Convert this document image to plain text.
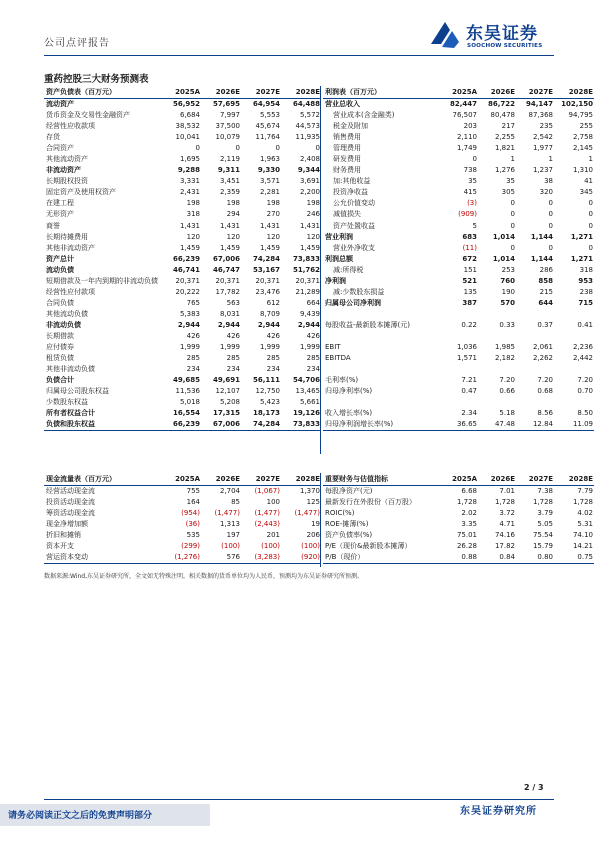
公司点评报告	东吴证券
SOOCHOW SECURITIES
重药控股三大财务预测表
资产负债表（百万元）	2025A	2026E	2027E	2028E
流动资产	56,952	57,695	64,954	64,488
货币资金及交易性金融资产	6,684	7,997	5,553	5,572
经营性应收款项	38,532	37,500	45,674	44,573
存货	10,041	10,079	11,764	11,935
合同资产	0	0	0	0
其他流动资产	1,695	2,119	1,963	2,408
非流动资产	9,288	9,311	9,330	9,344
长期股权投资	3,331	3,451	3,571	3,691
固定资产及使用权资产	2,431	2,359	2,281	2,200
在建工程	198	198	198	198
无形资产	318	294	270	246
商誉	1,431	1,431	1,431	1,431
长期待摊费用	120	120	120	120
其他非流动资产	1,459	1,459	1,459	1,459
资产总计	66,239	67,006	74,284	73,833
流动负债	46,741	46,747	53,167	51,762
短期借款及一年内到期的非流动负债	20,371	20,371	20,371	20,371
经营性应付款项	20,222	17,782	23,476	21,289
合同负债	765	563	612	664
其他流动负债	5,383	8,031	8,709	9,439
非流动负债	2,944	2,944	2,944	2,944
长期借款	426	426	426	426
应付债券	1,999	1,999	1,999	1,999
租赁负债	285	285	285	285
其他非流动负债	234	234	234	234
负债合计	49,685	49,691	56,111	54,706
归属母公司股东权益	11,536	12,107	12,750	13,465
少数股东权益	5,018	5,208	5,423	5,661
所有者权益合计	16,554	17,315	18,173	19,126
负债和股东权益	66,239	67,006	74,284	73,833
利润表（百万元）	2025A	2026E	2027E	2028E
营业总收入	82,447	86,722	94,147	102,150
营业成本(含金融类)	76,507	80,478	87,368	94,795
税金及附加	203	217	235	255
销售费用	2,110	2,255	2,542	2,758
管理费用	1,749	1,821	1,977	2,145
研发费用	0	1	1	1
财务费用	738	1,276	1,237	1,310
加:其他收益	35	35	38	41
投资净收益	415	305	320	345
公允价值变动	(3)	0	0	0
减值损失	(909)	0	0	0
资产处置收益	5	0	0	0
营业利润	683	1,014	1,144	1,271
营业外净收支	(11)	0	0	0
利润总额	672	1,014	1,144	1,271
减:所得税	151	253	286	318
净利润	521	760	858	953
减:少数股东损益	135	190	215	238
归属母公司净利润	387	570	644	715

每股收益-最新股本摊薄(元)	0.22	0.33	0.37	0.41

EBIT	1,036	1,985	2,061	2,236
EBITDA	1,571	2,182	2,262	2,442

毛利率(%)	7.21	7.20	7.20	7.20
归母净利率(%)	0.47	0.66	0.68	0.70

收入增长率(%)	2.34	5.18	8.56	8.50
归母净利润增长率(%)	36.65	47.48	12.84	11.09
现金流量表（百万元）	2025A	2026E	2027E	2028E
经营活动现金流	755	2,704	(1,067)	1,370
投资活动现金流	164	85	100	125
筹资活动现金流	(954)	(1,477)	(1,477)	(1,477)
现金净增加额	(36)	1,313	(2,443)	19
折旧和摊销	535	197	201	206
资本开支	(299)	(100)	(100)	(100)
营运资本变动	(1,276)	576	(3,283)	(920)
重要财务与估值指标	2025A	2026E	2027E	2028E
每股净资产(元)	6.68	7.01	7.38	7.79
最新发行在外股份（百万股）	1,728	1,728	1,728	1,728
ROIC(%)	2.02	3.72	3.79	4.02
ROE-摊薄(%)	3.35	4.71	5.05	5.31
资产负债率(%)	75.01	74.16	75.54	74.10
P/E（现价&最新股本摊薄）	26.28	17.82	15.79	14.21
P/B（现价）	0.88	0.84	0.80	0.75
数据来源:Wind,东吴证券研究所，全文如无特殊注明，相关数据的货币单位均为人民币，预测均为东吴证券研究所预测。
2 / 3
请务必阅读正文之后的免责声明部分	东吴证券研究所
